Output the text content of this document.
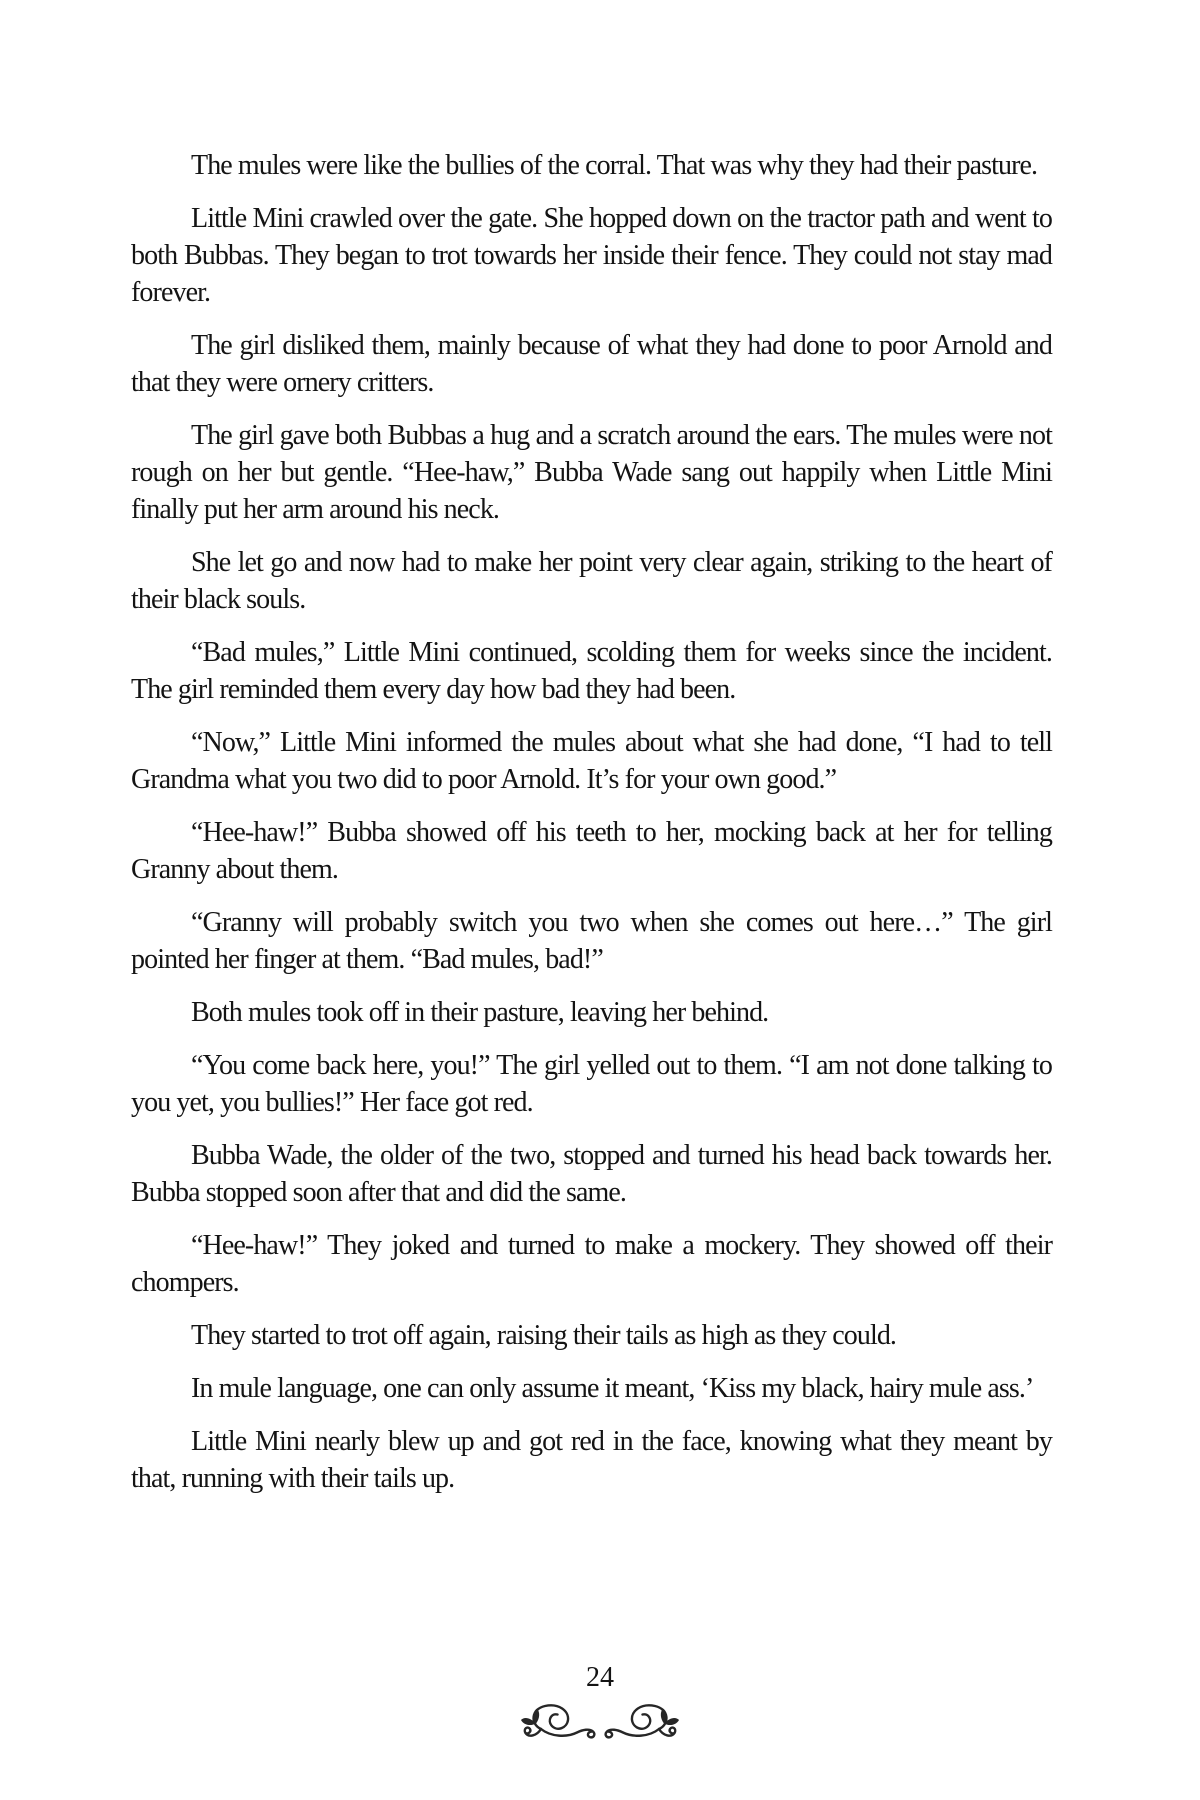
The mules were like the bullies of the corral. That was why they had their pasture.

Little Mini crawled over the gate. She hopped down on the tractor path and went to both Bubbas. They began to trot towards her inside their fence. They could not stay mad forever.

The girl disliked them, mainly because of what they had done to poor Arnold and that they were ornery critters.

The girl gave both Bubbas a hug and a scratch around the ears. The mules were not rough on her but gentle. “Hee-haw,” Bubba Wade sang out happily when Little Mini finally put her arm around his neck.

She let go and now had to make her point very clear again, striking to the heart of their black souls.

“Bad mules,” Little Mini continued, scolding them for weeks since the incident. The girl reminded them every day how bad they had been.

“Now,” Little Mini informed the mules about what she had done, “I had to tell Grandma what you two did to poor Arnold. It’s for your own good.”

“Hee-haw!” Bubba showed off his teeth to her, mocking back at her for telling Granny about them.

“Granny will probably switch you two when she comes out here…” The girl pointed her finger at them. “Bad mules, bad!”

Both mules took off in their pasture, leaving her behind.

“You come back here, you!” The girl yelled out to them. “I am not done talking to you yet, you bullies!” Her face got red.

Bubba Wade, the older of the two, stopped and turned his head back towards her. Bubba stopped soon after that and did the same.

“Hee-haw!” They joked and turned to make a mockery. They showed off their chompers.

They started to trot off again, raising their tails as high as they could.

In mule language, one can only assume it meant, ‘Kiss my black, hairy mule ass.’

Little Mini nearly blew up and got red in the face, knowing what they meant by that, running with their tails up.

24
